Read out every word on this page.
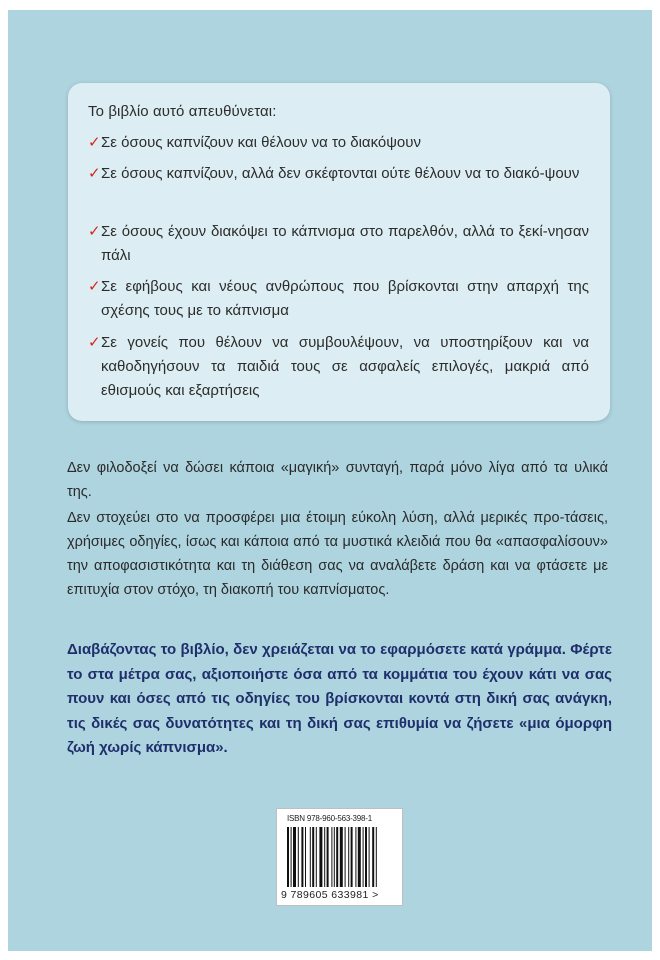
Το βιβλίο αυτό απευθύνεται:
✓ Σε όσους καπνίζουν και θέλουν να το διακόψουν
✓ Σε όσους καπνίζουν, αλλά δεν σκέφτονται ούτε θέλουν να το διακό-ψουν
✓ Σε όσους έχουν διακόψει το κάπνισμα στο παρελθόν, αλλά το ξεκί-νησαν πάλι
✓ Σε εφήβους και νέους ανθρώπους που βρίσκονται στην απαρχή της σχέσης τους με το κάπνισμα
✓ Σε γονείς που θέλουν να συμβουλέψουν, να υποστηρίξουν και να καθοδηγήσουν τα παιδιά τους σε ασφαλείς επιλογές, μακριά από εθισμούς και εξαρτήσεις
Δεν φιλοδοξεί να δώσει κάποια «μαγική» συνταγή, παρά μόνο λίγα από τα υλικά της.
Δεν στοχεύει στο να προσφέρει μια έτοιμη εύκολη λύση, αλλά μερικές προ-τάσεις, χρήσιμες οδηγίες, ίσως και κάποια από τα μυστικά κλειδιά που θα «απασφαλίσουν» την αποφασιστικότητα και τη διάθεση σας να αναλάβετε δράση και να φτάσετε με επιτυχία στον στόχο, τη διακοπή του καπνίσματος.
Διαβάζοντας το βιβλίο, δεν χρειάζεται να το εφαρμόσετε κατά γράμμα. Φέρτε το στα μέτρα σας, αξιοποιήστε όσα από τα κομμάτια του έχουν κάτι να σας πουν και όσες από τις οδηγίες του βρίσκονται κοντά στη δική σας ανάγκη, τις δικές σας δυνατότητες και τη δική σας επιθυμία να ζήσετε «μια όμορφη ζωή χωρίς κάπνισμα».
ISBN 978-960-563-398-1
9 789605 633981 >
